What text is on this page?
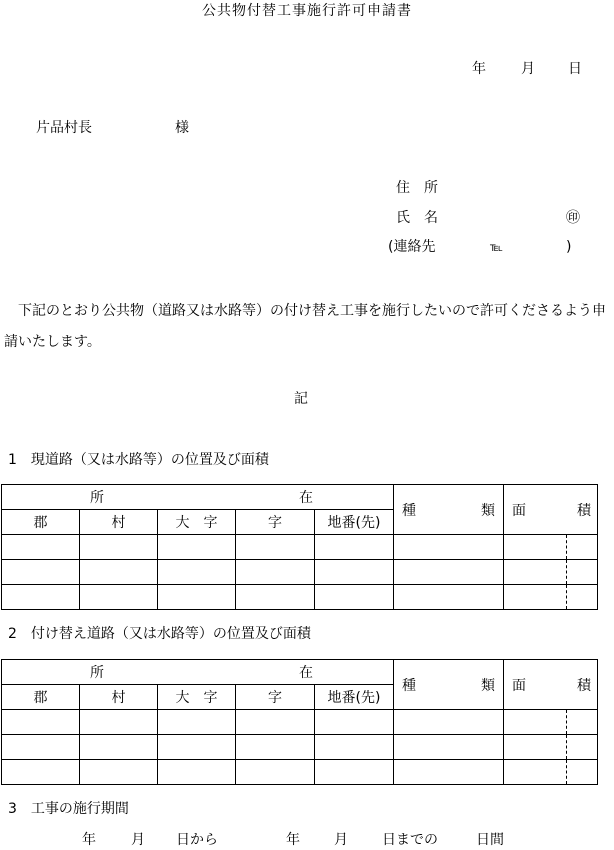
公共物付替工事施行許可申請書
年	月 日
片品村長	様
住　所
氏　名	㊞
(連絡先	℡	)
下記のとおり公共物（道路又は水路等）の付け替え工事を施行したいので許可くださるよう申請いたします。
記
1　現道路（又は水路等）の位置及び面積
所 在					種 類	面 積

郡	村	大　字	字	地番(先)		

2　付け替え道路（又は水路等）の位置及び面積
所 在					種 類	面 積

郡	村	大　字	字	地番(先)		

3　工事の施行期間
年	月 日から	年 月 日までの	日間
